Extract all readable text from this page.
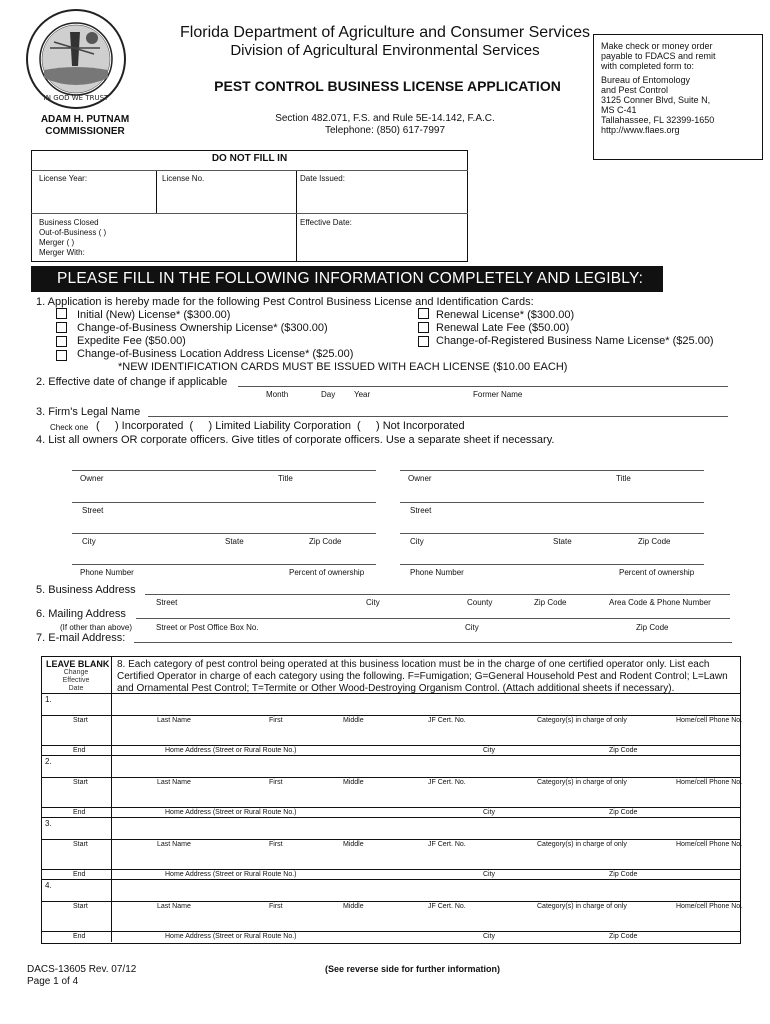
IN GOD WE TRUST
Florida Department of Agriculture and Consumer Services
Division of Agricultural Environmental Services
PEST CONTROL BUSINESS LICENSE APPLICATION
ADAM H. PUTNAM
COMMISSIONER
Section 482.071, F.S. and Rule 5E-14.142, F.A.C.
Telephone: (850) 617-7997
Make check or money order
payable to FDACS and remit
with completed form to:
Bureau of Entomology
and Pest Control
3125 Conner Blvd, Suite N,
MS C-41
Tallahassee, FL 32399-1650
http://www.flaes.org
DO NOT FILL IN
License Year:	License No.	Date Issued:
Business Closed
Out-of-Business ( )
Merger ( )
Merger With:
Effective Date:
PLEASE FILL IN THE FOLLOWING INFORMATION COMPLETELY AND LEGIBLY:
1. Application is hereby made for the following Pest Control Business License and Identification Cards:
Initial (New) License* ($300.00)
Change-of-Business Ownership License* ($300.00)
Expedite Fee ($50.00)
Change-of-Business Location Address License* ($25.00)
Renewal License* ($300.00)
Renewal Late Fee ($50.00)
Change-of-Registered Business Name License* ($25.00)
*NEW IDENTIFICATION CARDS MUST BE ISSUED WITH EACH LICENSE ($10.00 EACH)
2. Effective date of change if applicable
Month	Day Year	Former Name
3. Firm's Legal Name
Check one (     ) Incorporated  (     ) Limited Liability Corporation  (     ) Not Incorporated
4. List all owners OR corporate officers. Give titles of corporate officers. Use a separate sheet if necessary.
Owner	Title	Owner	Title
Street	Street
City	State	Zip Code	City	State	Zip Code
Phone Number	Percent of ownership	Phone Number	Percent of ownership
5. Business Address
Street	City	County	Zip Code	Area Code & Phone Number
6. Mailing Address
(If other than above)	Street or Post Office Box No.	City	Zip Code
7. E-mail Address:
LEAVE BLANK
Change
Effective
Date
8. Each category of pest control being operated at this business location must be in the charge of one certified operator only. List each
Certified Operator in charge of each category using the following. F=Fumigation; G=General Household Pest and Rodent Control; L=Lawn
and Ornamental Pest Control; T=Termite or Other Wood-Destroying Organism Control. (Attach additional sheets if necessary).
1.
Start	Last Name	First	Middle	JF Cert. No.	Category(s) in charge of only	Home/cell Phone No.
End	Home Address (Street or Rural Route No.)	City	Zip Code
2.
Start	Last Name	First	Middle	JF Cert. No.	Category(s) in charge of only	Home/cell Phone No.
End	Home Address (Street or Rural Route No.)	City	Zip Code
3.
Start	Last Name	First	Middle	JF Cert. No.	Category(s) in charge of only	Home/cell Phone No.
End	Home Address (Street or Rural Route No.)	City	Zip Code
4.
Start	Last Name	First	Middle	JF Cert. No.	Category(s) in charge of only	Home/cell Phone No.
End	Home Address (Street or Rural Route No.)	City	Zip Code
DACS-13605 Rev. 07/12
Page 1 of 4
(See reverse side for further information)
